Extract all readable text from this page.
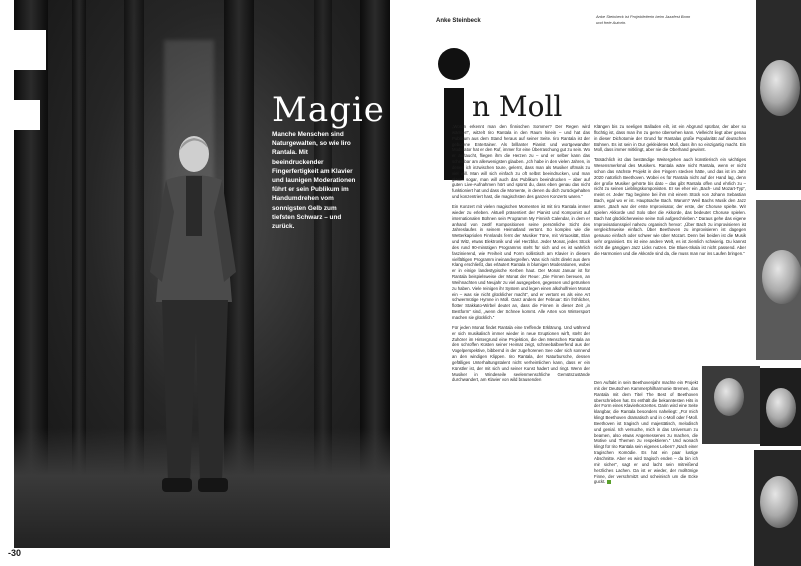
Magie
Manche Menschen sind Naturgewalten, so wie Iiro Rantala. Mit beeindruckender Fingerfertigkeit am Klavier und launigen Moderationen führt er sein Publikum im Handumdrehen vom sonnigsten Gelb zum tiefsten Schwarz – und zurück.
-30
Anke Steinbeck
Anke Steinbeck ist Projektleiterin beim Jazzfest Bonn und freie Autorin.
n Moll

„Woran erkennt man den finnischen Sommer? Der Regen wird wärmer!“, witzelt Iiro Rantala in den Raum hinein – und hat das Publikum aus dem Stand heraus auf seiner Seite. Iiro Rantala ist der geborene Entertainer. Als brillanter Pianist und wortgewandter Moderator hat er den Ruf, immer für eine Überraschung gut zu sein. Wo er auftaucht, fliegen ihm die Herzen zu – und er selber kann das scheinbar am allerwenigsten glauben. „Ich habe in den vielen Jahren, in denen ich inzwischen toure, gelernt, dass man als Musiker oftmals zu viel will. Man will sich einfach zu oft selbst beeindrucken, und man glaubt sogar, man will auch das Publikum beeindrucken – aber auf guten Live-Aufnahmen hört und spürst du, dass eben genau das nicht funktioniert hat und dass die Momente, in denen du dich zurückgehalten und konzentriert hast, die magischsten des ganzen Konzerts waren.“

Ein Konzert mit vielen magischen Momenten ist mit Iiro Rantala immer wieder zu erleben. Aktuell präsentiert der Pianist und Komponist auf internationalen Bühnen sein Programm My Finnish Calendar, in dem er anhand von zwölf Kompositionen seine persönliche Sicht des Jahreslaufes in seinem Heimatland vertont. So komplex wie die Wetterkapriolen Finnlands fernt der Musiker Töne, mit Virtuosität, Elan und Witz, etwas Elektronik und viel Herzblut. Jeder Monat, jedes Stück des rund 90-minütigen Programms steht für sich und es ist wahrlich faszinierend, wie Freiheit und Form sollistisch am Klavier in diesem vielfältigen Programm ineinandergreifen. Was sich nicht direkt aus dem Klang erschließt, das erläutert Rantala in blumigen Moderationen, wobei er in einige landestypische Kerben haut. Der Monat Januar ist für Rantala beispielsweise der Monat der Reue: „Die Finnen bereuen, an Weihnachten und Neujahr zu viel ausgegeben, gegessen und getrunken zu haben. Viele reinigen ihr System und legen einen alkoholfreien Monat ein – was sie nicht glücklicher macht“, und er vertont es als eine Art schwermütige Hymne in Moll. Ganz anders der Februar: Ein fröhlicher, flotter Stakkato-Wirbel deutet an, dass die Finnen in dieser Zeit „in Bestform“ sind, „wenn der Schnee kommt. Alle Arten von Wintersport machen sie glücklich.“

Für jeden Monat findet Rantala eine treffende Erklärung. Und während er sich musikalisch immer wieder in neue Eruptionen wirft, steht der Zuhörer im Hintergrund eine Projektion, die den Menschen Rantala an den schroffen Küsten seiner Heimat zeigt, schneebalbverfend aus der Vogelperspektive, bibbernd in der zugefrorenen See oder sich sonnend an den windigen Klippen. Iiro Rantala, der Naturbursche, dessen gefälliges Unterhaltungstalent nicht verheimlichen kann, dass er ein Künstler ist, der mit sich und seiner Kunst hadert und ringt. Wenn der Musiker in Windeseile seelenmenschliche Gemütszustände durchwandert, am Klavier von wild brausenden

Klängen bis zu seeligen Balladen eilt, ist ein Abgrund spürbar, der aber so flüchtig ist, dass man ihn zu gerne übersehen kann. Vielleicht liegt aber genau in dieser Dichotomie der Grund für Rantalas große Popularität auf deutschen Bühnen. Es ist sein in Dur gekleidetes Moll, dass ihn so einzigartig macht. Ein Moll, dass immer mitklingt, aber nie die Oberhand gewinnt.

Tatsächlich ist das beständige Weitergehen auch künstlerisch ein wichtiges Wesensmerkmal des Musikers. Rantala wäre nicht Rantala, wenn er nicht schon das nächste Projekt in den Fingern stecken hätte, und das ist im Jahr 2020 natürlich Beethoven. Wobei es für Rantala nicht auf der Hand lag, denn der große Musiker gehörte bis dato – das gibt Rantala offen und ehrlich zu – nicht zu seinen Lieblingskomponisten. Er sei eher ein „Bach- und Mozart-Typ“, meint er. Jeder Tag beginne bei ihm mit einem Stück von Johann Sebastian Bach, egal wo er ist. Hauptsache Bach. Warum? Weil Bachs Musik den Jazz atmet. „Bach war der erste Improvisator, der erste, der Choruse spielte. Wir spielen Akkorde und Solo über die Akkorde, das bedeutet Choruse spielen. Bach hat glücklicherweise seine Soli aufgeschrieben.“ Daraus gehe das eigene Improvisationsspiel nahezu organisch hervor: „Über Bach zu improvisieren ist vergleichsweise einfach. Über Beethoven zu improvisieren ist dagegen genauso einfach oder schwer wie über Mozart. Denn bei beiden ist die Musik sehr organisiert. Es ist eine andere Welt, es ist ziemlich schwierig. Du kannst nicht die gängigen Jazz Licks nutzen. Die Blues-Skala ist nicht passend. Aber die Harmonien und die Akkorde sind da, die muss man nur ins Laufen bringen.“

Den Auftakt in sein Beethovenjahr machte ein Projekt mit der Deutschen Kammerphilharmonie Bremen, das Rantala mit dem Titel The Best of Beethoven überschrieben hat. Es enthält die bekanntesten Hits in der Form eines Klavierkonzertes. Darin wird eine Seite klangbar, die Rantala besonders naheliegt: „Für mich klingt Beethoven dramatisch und in c-Moll oder f-Moll. Beethoven ist tragisch und majestätisch, melodisch und genial. Ich versuche, mich in das Universum zu beamen, also etwas Angemessenes zu machen, die Motive und Themen zu respektieren.“ Und wonach klingt für Iiro Rantala sein eigenes Leben? „Nach einer tragischen Komödie. Es hat ein paar lustige Abschnitte. Aber es wird tragisch enden – da bin ich mir sicher“, sagt er und lacht sein mitreißend herzliches Lachen. Da ist er wieder, der molltönige Finne, der verschmitzt und scheinisch um die Ecke guckt.
